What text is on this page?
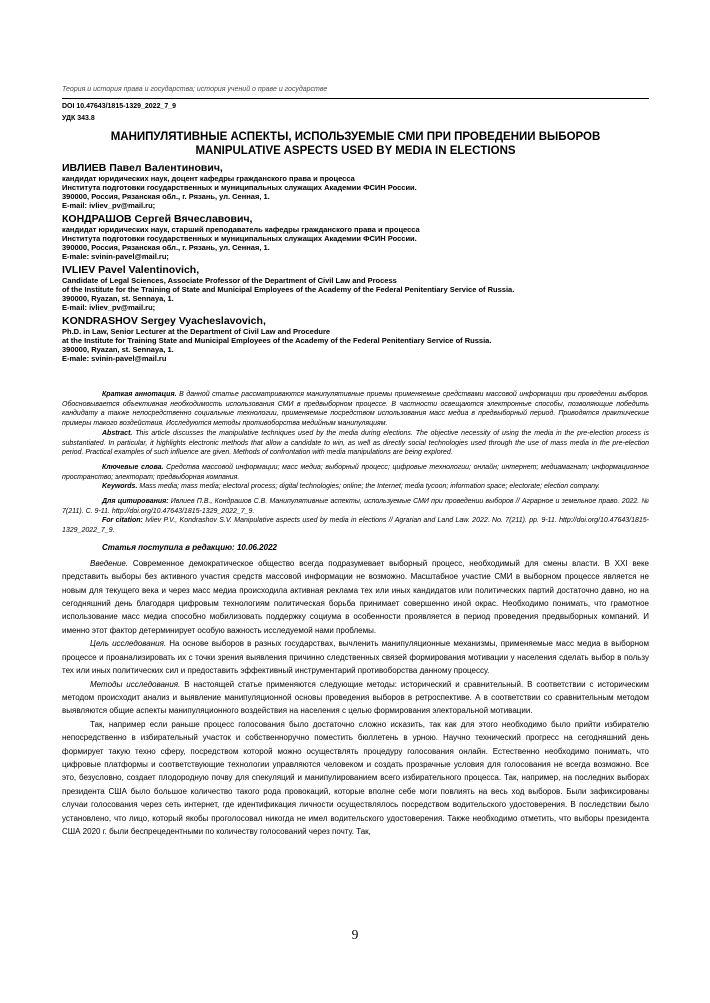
Теория и история права и государства; история учений о праве и государстве
DOI 10.47643/1815-1329_2022_7_9
УДК 343.8
МАНИПУЛЯТИВНЫЕ АСПЕКТЫ, ИСПОЛЬЗУЕМЫЕ СМИ ПРИ ПРОВЕДЕНИИ ВЫБОРОВ
MANIPULATIVE ASPECTS USED BY MEDIA IN ELECTIONS
ИВЛИЕВ Павел Валентинович,
кандидат юридических наук, доцент кафедры гражданского права и процесса
Института подготовки государственных и муниципальных служащих Академии ФСИН России.
390000, Россия, Рязанская обл., г. Рязань, ул. Сенная, 1.
E-mail: ivliev_pv@mail.ru;
КОНДРАШОВ Сергей Вячеславович,
кандидат юридических наук, старший преподаватель кафедры гражданского права и процесса
Института подготовки государственных и муниципальных служащих Академии ФСИН России.
390000, Россия, Рязанская обл., г. Рязань, ул. Сенная, 1.
E-male: svinin-pavel@mail.ru;
IVLIEV Pavel Valentinovich,
Candidate of Legal Sciences, Associate Professor of the Department of Civil Law and Process
of the Institute for the Training of State and Municipal Employees of the Academy of the Federal Penitentiary Service of Russia.
390000, Ryazan, st. Sennaya, 1.
E-mail: ivliev_pv@mail.ru;
KONDRASHOV Sergey Vyacheslavovich,
Ph.D. in Law, Senior Lecturer at the Department of Civil Law and Procedure
at the Institute for Training State and Municipal Employees of the Academy of the Federal Penitentiary Service of Russia.
390000, Ryazan, st. Sennaya, 1.
E-male: svinin-pavel@mail.ru

Краткая аннотация. В данной статье рассматриваются манипулятивные приемы применяемые средствами массовой информации при проведении выборов. Обосновывается объективная необходимость использования СМИ в предвыборном процессе. В частности освещаются электронные способы, позволяющие победить кандидату а также непосредственно социальные технологии, применяемые посредством использования масс медиа в предвыборный период. Приводятся практические примеры такого воздействия. Исследуются методы противоборства медийным манипуляциям.

Abstract. This article discusses the manipulative techniques used by the media during elections. The objective necessity of using the media in the pre-election process is substantiated. In particular, it highlights electronic methods that allow a candidate to win, as well as directly social technologies used through the use of mass media in the pre-election period. Practical examples of such influence are given. Methods of confrontation with media manipulations are being explored.

Ключевые слова. Средства массовой информации; масс медиа; выборный процесс; цифровые технологии; онлайн; интернет; медиамагнат; информационное пространство; электорат; предвыборная компания.

Keywords. Mass media; mass media; electoral process; digital technologies; online; the Internet; media tycoon; information space; electorate; election company.

Для цитирования: Ивлиев П.В., Кондрашов С.В. Манипулятивные аспекты, используемые СМИ при проведении выборов // Аграрное и земельное право. 2022. № 7(211). С. 9-11. http://doi.org/10.47643/1815-1329_2022_7_9.

For citation: Ivliev P.V., Kondrashov S.V. Manipulative aspects used by media in elections // Agrarian and Land Law. 2022. No. 7(211). pp. 9-11. http://doi.org/10.47643/1815-1329_2022_7_9.

Статья поступила в редакцию: 10.06.2022

Введение. Современное демократическое общество всегда подразумевает выборный процесс, необходимый для смены власти. В XXI веке представить выборы без активного участия средств массовой информации не возможно. Масштабное участие СМИ в выборном процессе является не новым для текущего века и через масс медиа происходила активная реклама тех или иных кандидатов или политических партий достаточно давно, но на сегодняшний день благодаря цифровым технологиям политическая борьба принимает совершенно иной окрас. Необходимо понимать, что грамотное использование масс медиа способно мобилизовать поддержку социума в особенности проявляется в период проведения предвыборных компаний. И именно этот фактор детерминирует особую важность исследуемой нами проблемы.

Цель исследования. На основе выборов в разных государствах, вычленить манипуляционные механизмы, применяемые масс медиа в выборном процессе и проанализировать их с точки зрения выявления причинно следственных связей формирования мотивации у населения сделать выбор в пользу тех или иных политических сил и предоставить эффективный инструментарий противоборства данному процессу.

Методы исследования. В настоящей статье применяются следующие методы: исторический и сравнительный. В соответствии с историческим методом происходит анализ и выявление манипуляционной основы проведения выборов в ретроспективе. А в соответствии со сравнительным методом выявляются общие аспекты манипуляционного воздействия на населения с целью формирования электоральной мотивации.

Так, например если раньше процесс голосования было достаточно сложно исказить, так как для этого необходимо было прийти избирателю непосредственно в избирательный участок и собственноручно поместить бюллетень в урною. Научно технический прогресс на сегодняшний день формирует такую техно сферу, посредством которой можно осуществлять процедуру голосования онлайн. Естественно необходимо понимать, что цифровые платформы и соответствующие технологии управляются человеком и создать прозрачные условия для голосования не всегда возможно. Все это, безусловно, создает плодородную почву для спекуляций и манипулированием всего избирательного процесса. Так, например, на последних выборах президента США было большое количество такого рода провокаций, которые вполне себе моги повлиять на весь ход выборов. Были зафиксированы случаи голосования через сеть интернет, где идентификация личности осуществлялось посредством водительского удостоверения. В последствии было установлено, что лицо, который якобы проголосовал никогда не имел водительского удостоверения. Также необходимо отметить, что выборы президента США 2020 г. были беспрецедентными по количеству голосований через почту. Так,

9
